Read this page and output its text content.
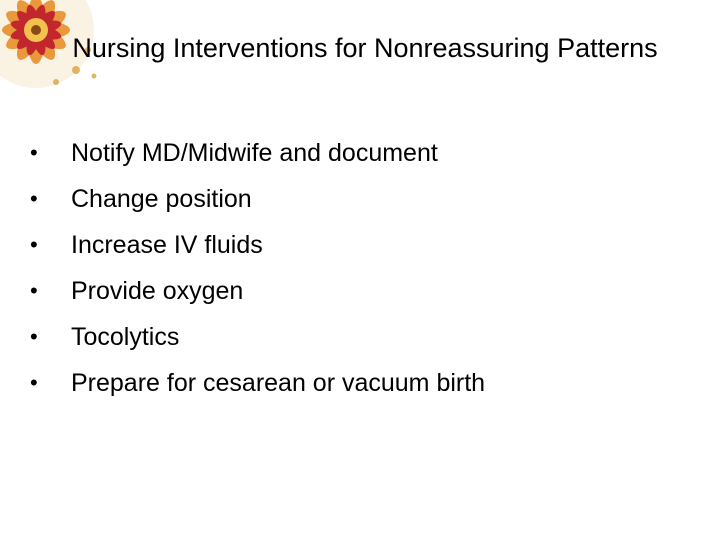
Nursing Interventions for Nonreassuring Patterns
•	Notify MD/Midwife and document
•	Change position
•	Increase IV fluids
•	Provide oxygen
•	Tocolytics
•	Prepare for cesarean or vacuum birth
